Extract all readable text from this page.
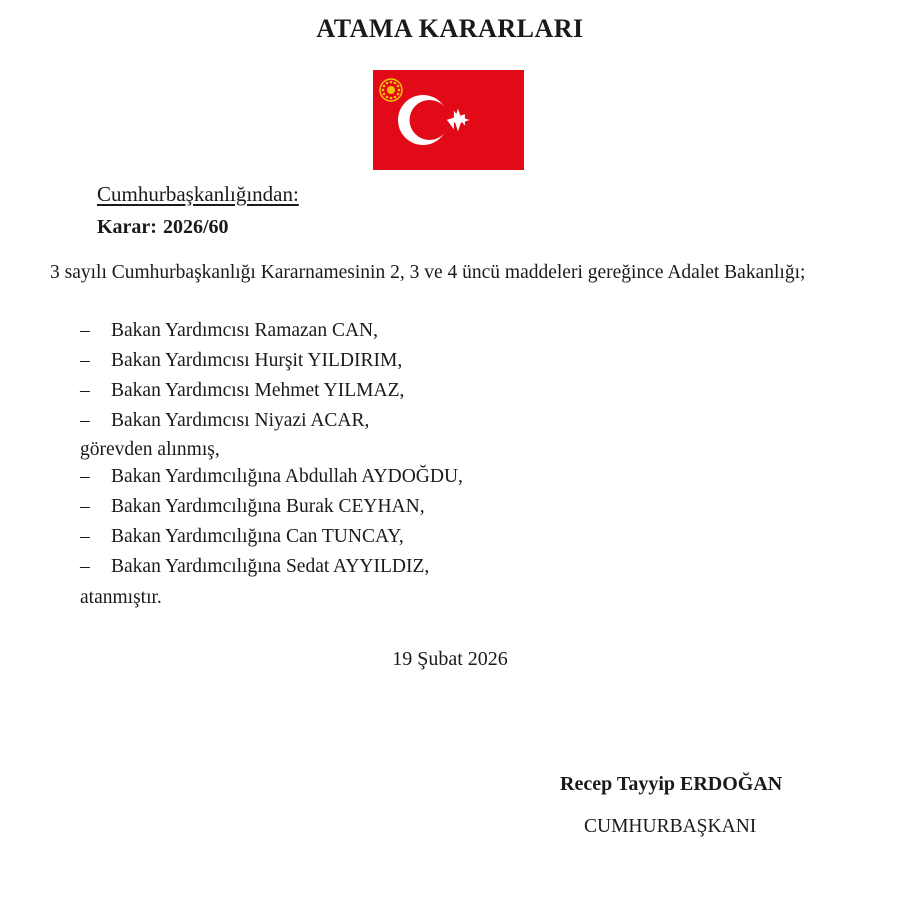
ATAMA KARARLARI
Cumhurbaşkanlığından:
Karar: 2026/60
3 sayılı Cumhurbaşkanlığı Kararnamesinin 2, 3 ve 4 üncü maddeleri gereğince Adalet Bakanlığı;
– Bakan Yardımcısı Ramazan CAN,
– Bakan Yardımcısı Hurşit YILDIRIM,
– Bakan Yardımcısı Mehmet YILMAZ,
– Bakan Yardımcısı Niyazi ACAR,
görevden alınmış,
– Bakan Yardımcılığına Abdullah AYDOĞDU,
– Bakan Yardımcılığına Burak CEYHAN,
– Bakan Yardımcılığına Can TUNCAY,
– Bakan Yardımcılığına Sedat AYYILDIZ,
atanmıştır.
19 Şubat 2026
Recep Tayyip ERDOĞAN
CUMHURBAŞKANI
